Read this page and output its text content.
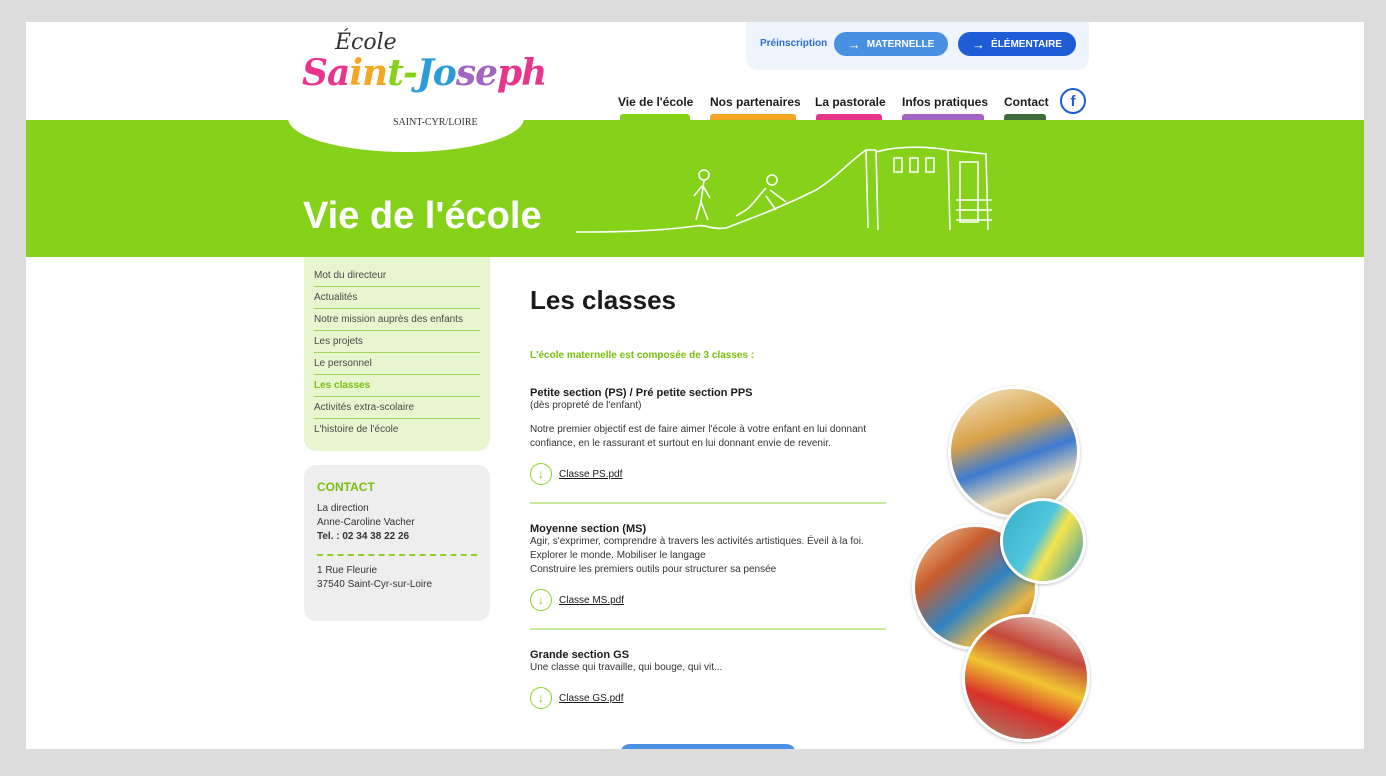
Préinscription → MATERNELLE	→ ÉLÉMENTAIRE
Vie de l'école Nos partenaires La pastorale Infos pratiques Contact	f
Vie de l'école
École
Saint-Joseph
SAINT-CYR/LOIRE
Mot du directeur
Actualités
Notre mission auprès des enfants
Les projets
Le personnel
Les classes
Activités extra-scolaire
L'histoire de l'école
CONTACT

La direction

Anne-Caroline Vacher

Tel. : 02 34 38 22 26

1 Rue Fleurie

37540 Saint-Cyr-sur-Loire

Les classes
L'école maternelle est composée de 3 classes :
Petite section (PS) / Pré petite section PPS
(dès propreté de l'enfant)
Notre premier objectif est de faire aimer l'école à votre enfant en lui donnant
confiance, en le rassurant et surtout en lui donnant envie de revenir.
↓	Classe PS.pdf
Moyenne section (MS)
Agir, s'exprimer, comprendre à travers les activités artistiques. Éveil à la foi.
Explorer le monde. Mobiliser le langage
Construire les premiers outils pour structurer sa pensée
↓	Classe MS.pdf
Grande section GS
Une classe qui travaille, qui bouge, qui vit...
↓	Classe GS.pdf
